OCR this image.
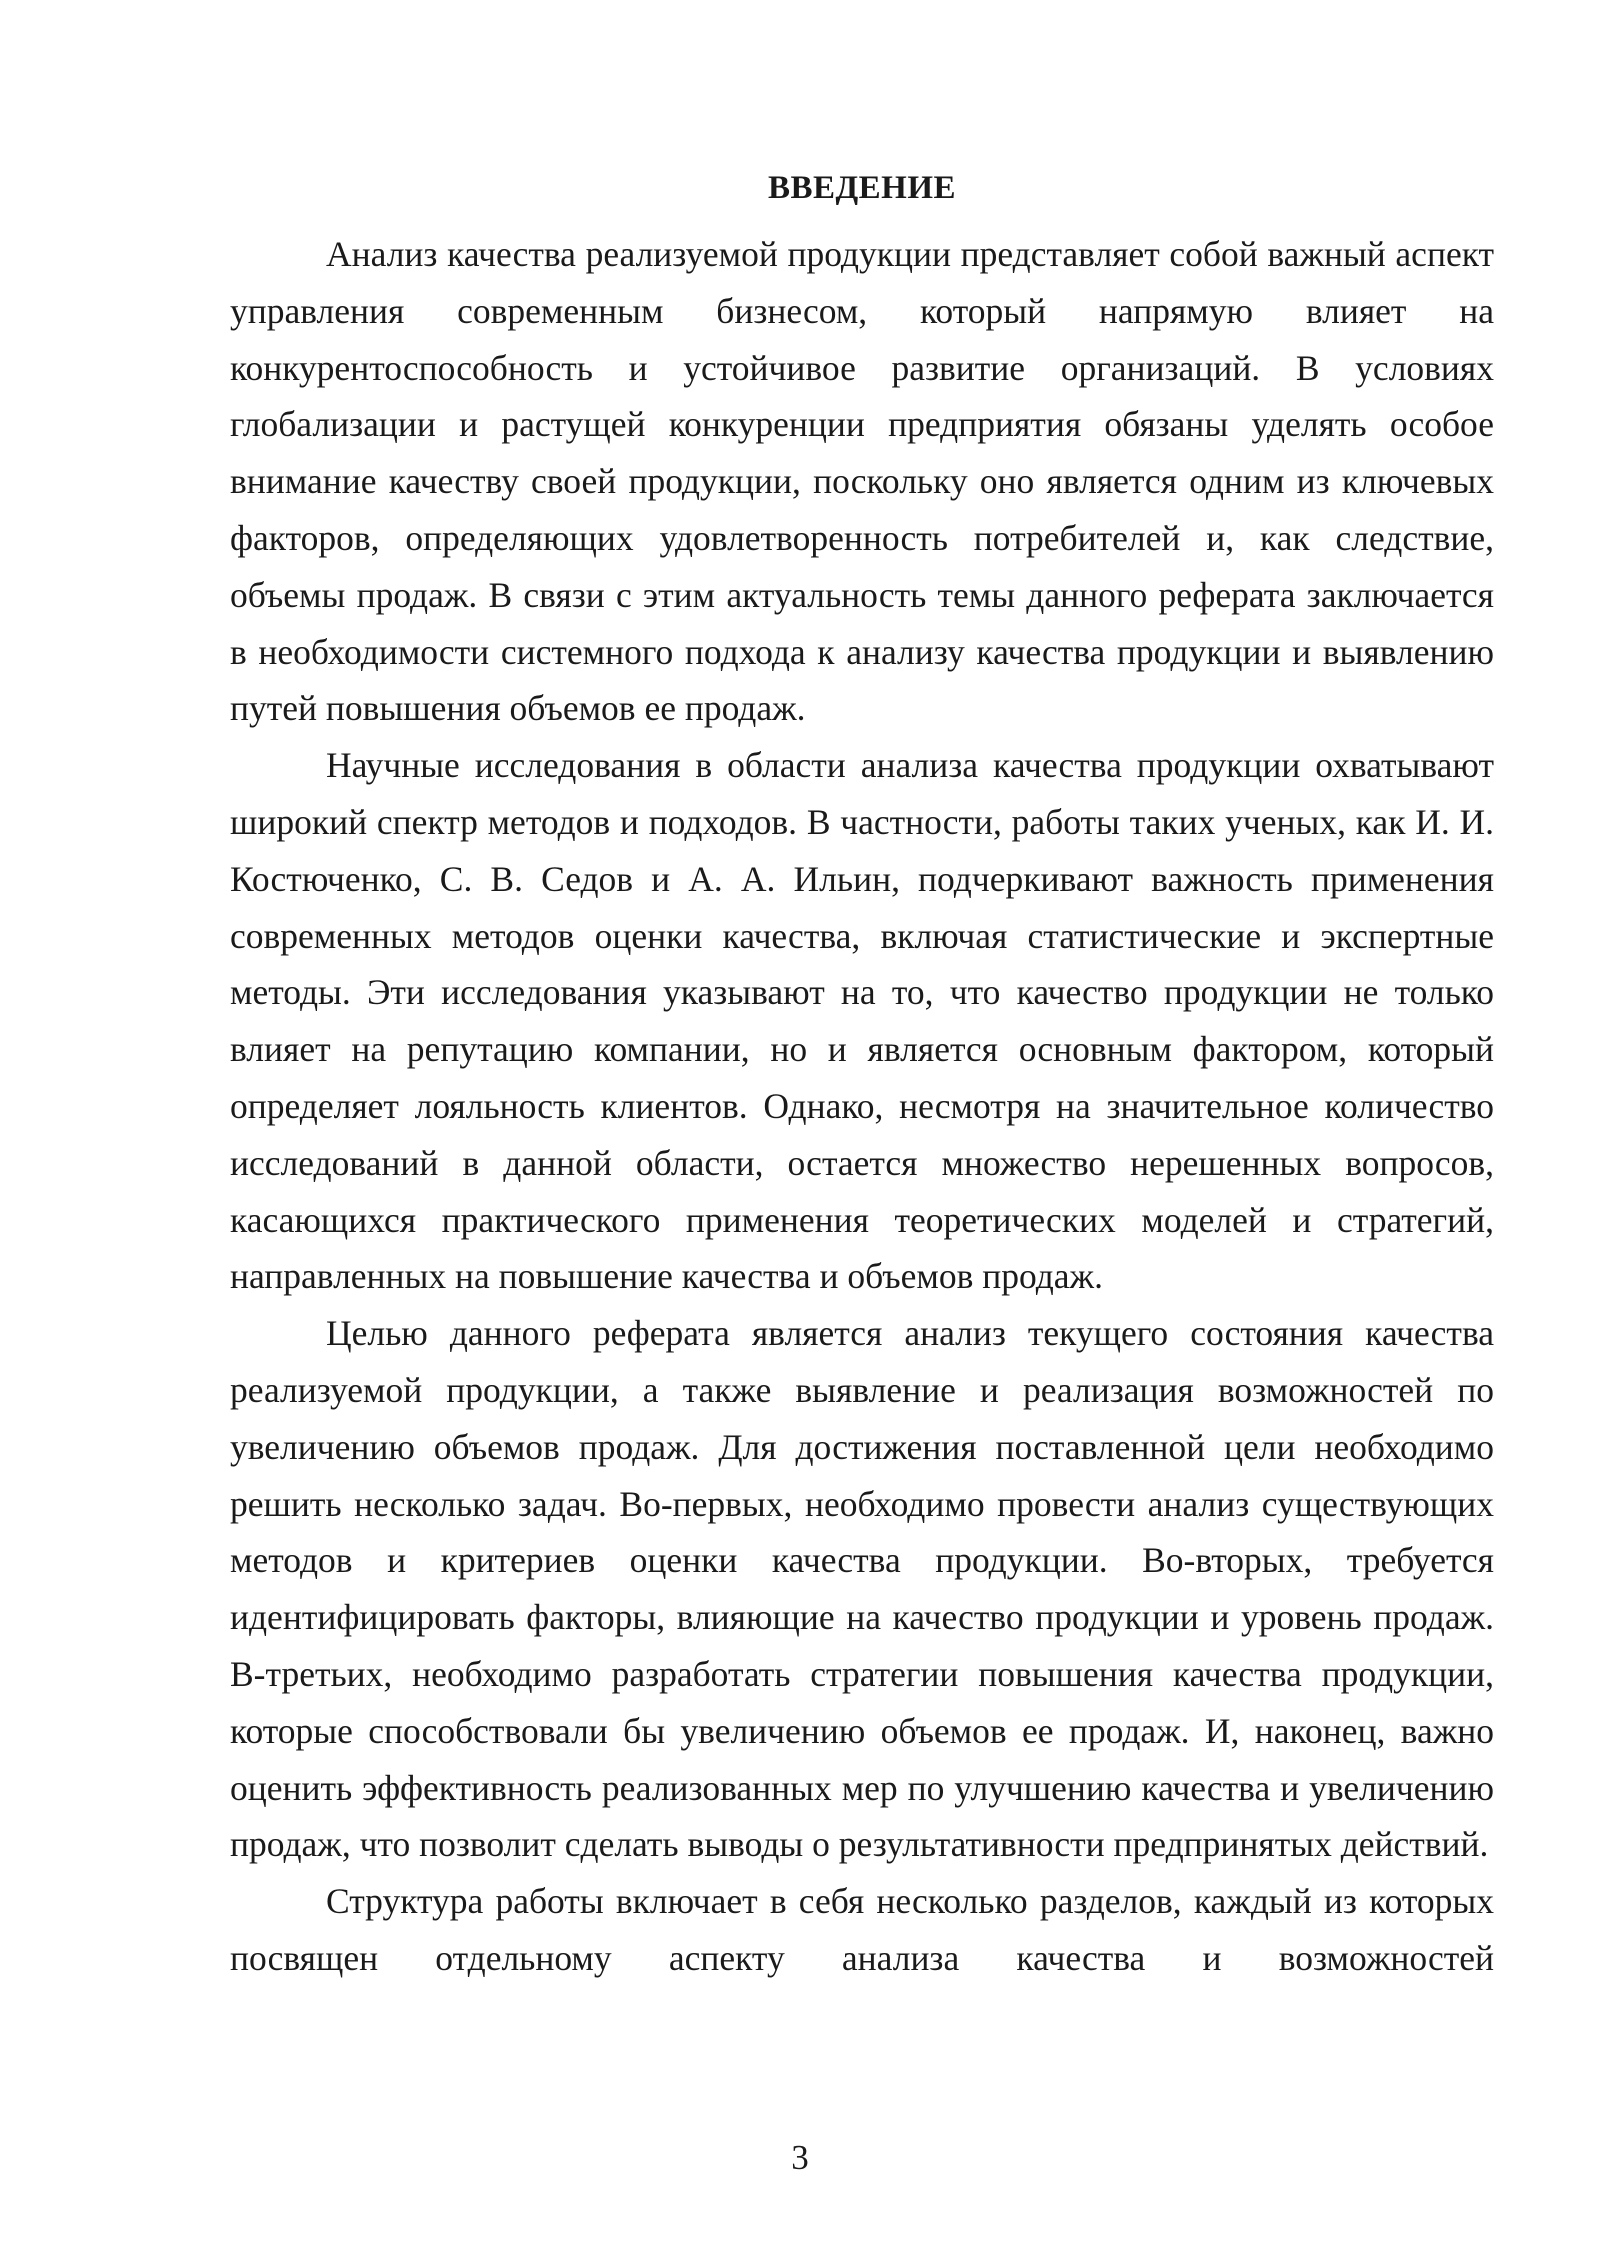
ВВЕДЕНИЕ

Анализ качества реализуемой продукции представляет собой важный аспект управления современным бизнесом, который напрямую влияет на конкурентоспособность и устойчивое развитие организаций. В условиях глобализации и растущей конкуренции предприятия обязаны уделять особое внимание качеству своей продукции, поскольку оно является одним из ключевых факторов, определяющих удовлетворенность потребителей и, как следствие, объемы продаж. В связи с этим актуальность темы данного реферата заключается в необходимости системного подхода к анализу качества продукции и выявлению путей повышения объемов ее продаж.

Научные исследования в области анализа качества продукции охватывают широкий спектр методов и подходов. В частности, работы таких ученых, как И. И. Костюченко, С. В. Седов и А. А. Ильин, подчеркивают важность применения современных методов оценки качества, включая статистические и экспертные методы. Эти исследования указывают на то, что качество продукции не только влияет на репутацию компании, но и является основным фактором, который определяет лояльность клиентов. Однако, несмотря на значительное количество исследований в данной области, остается множество нерешенных вопросов, касающихся практического применения теоретических моделей и стратегий, направленных на повышение качества и объемов продаж.

Целью данного реферата является анализ текущего состояния качества реализуемой продукции, а также выявление и реализация возможностей по увеличению объемов продаж. Для достижения поставленной цели необходимо решить несколько задач. Во-первых, необходимо провести анализ существующих методов и критериев оценки качества продукции. Во-вторых, требуется идентифицировать факторы, влияющие на качество продукции и уровень продаж. В-третьих, необходимо разработать стратегии повышения качества продукции, которые способствовали бы увеличению объемов ее продаж. И, наконец, важно оценить эффективность реализованных мер по улучшению качества и увеличению продаж, что позволит сделать выводы о результативности предпринятых действий.

Структура работы включает в себя несколько разделов, каждый из которых посвящен отдельному аспекту анализа качества и возможностей

3
